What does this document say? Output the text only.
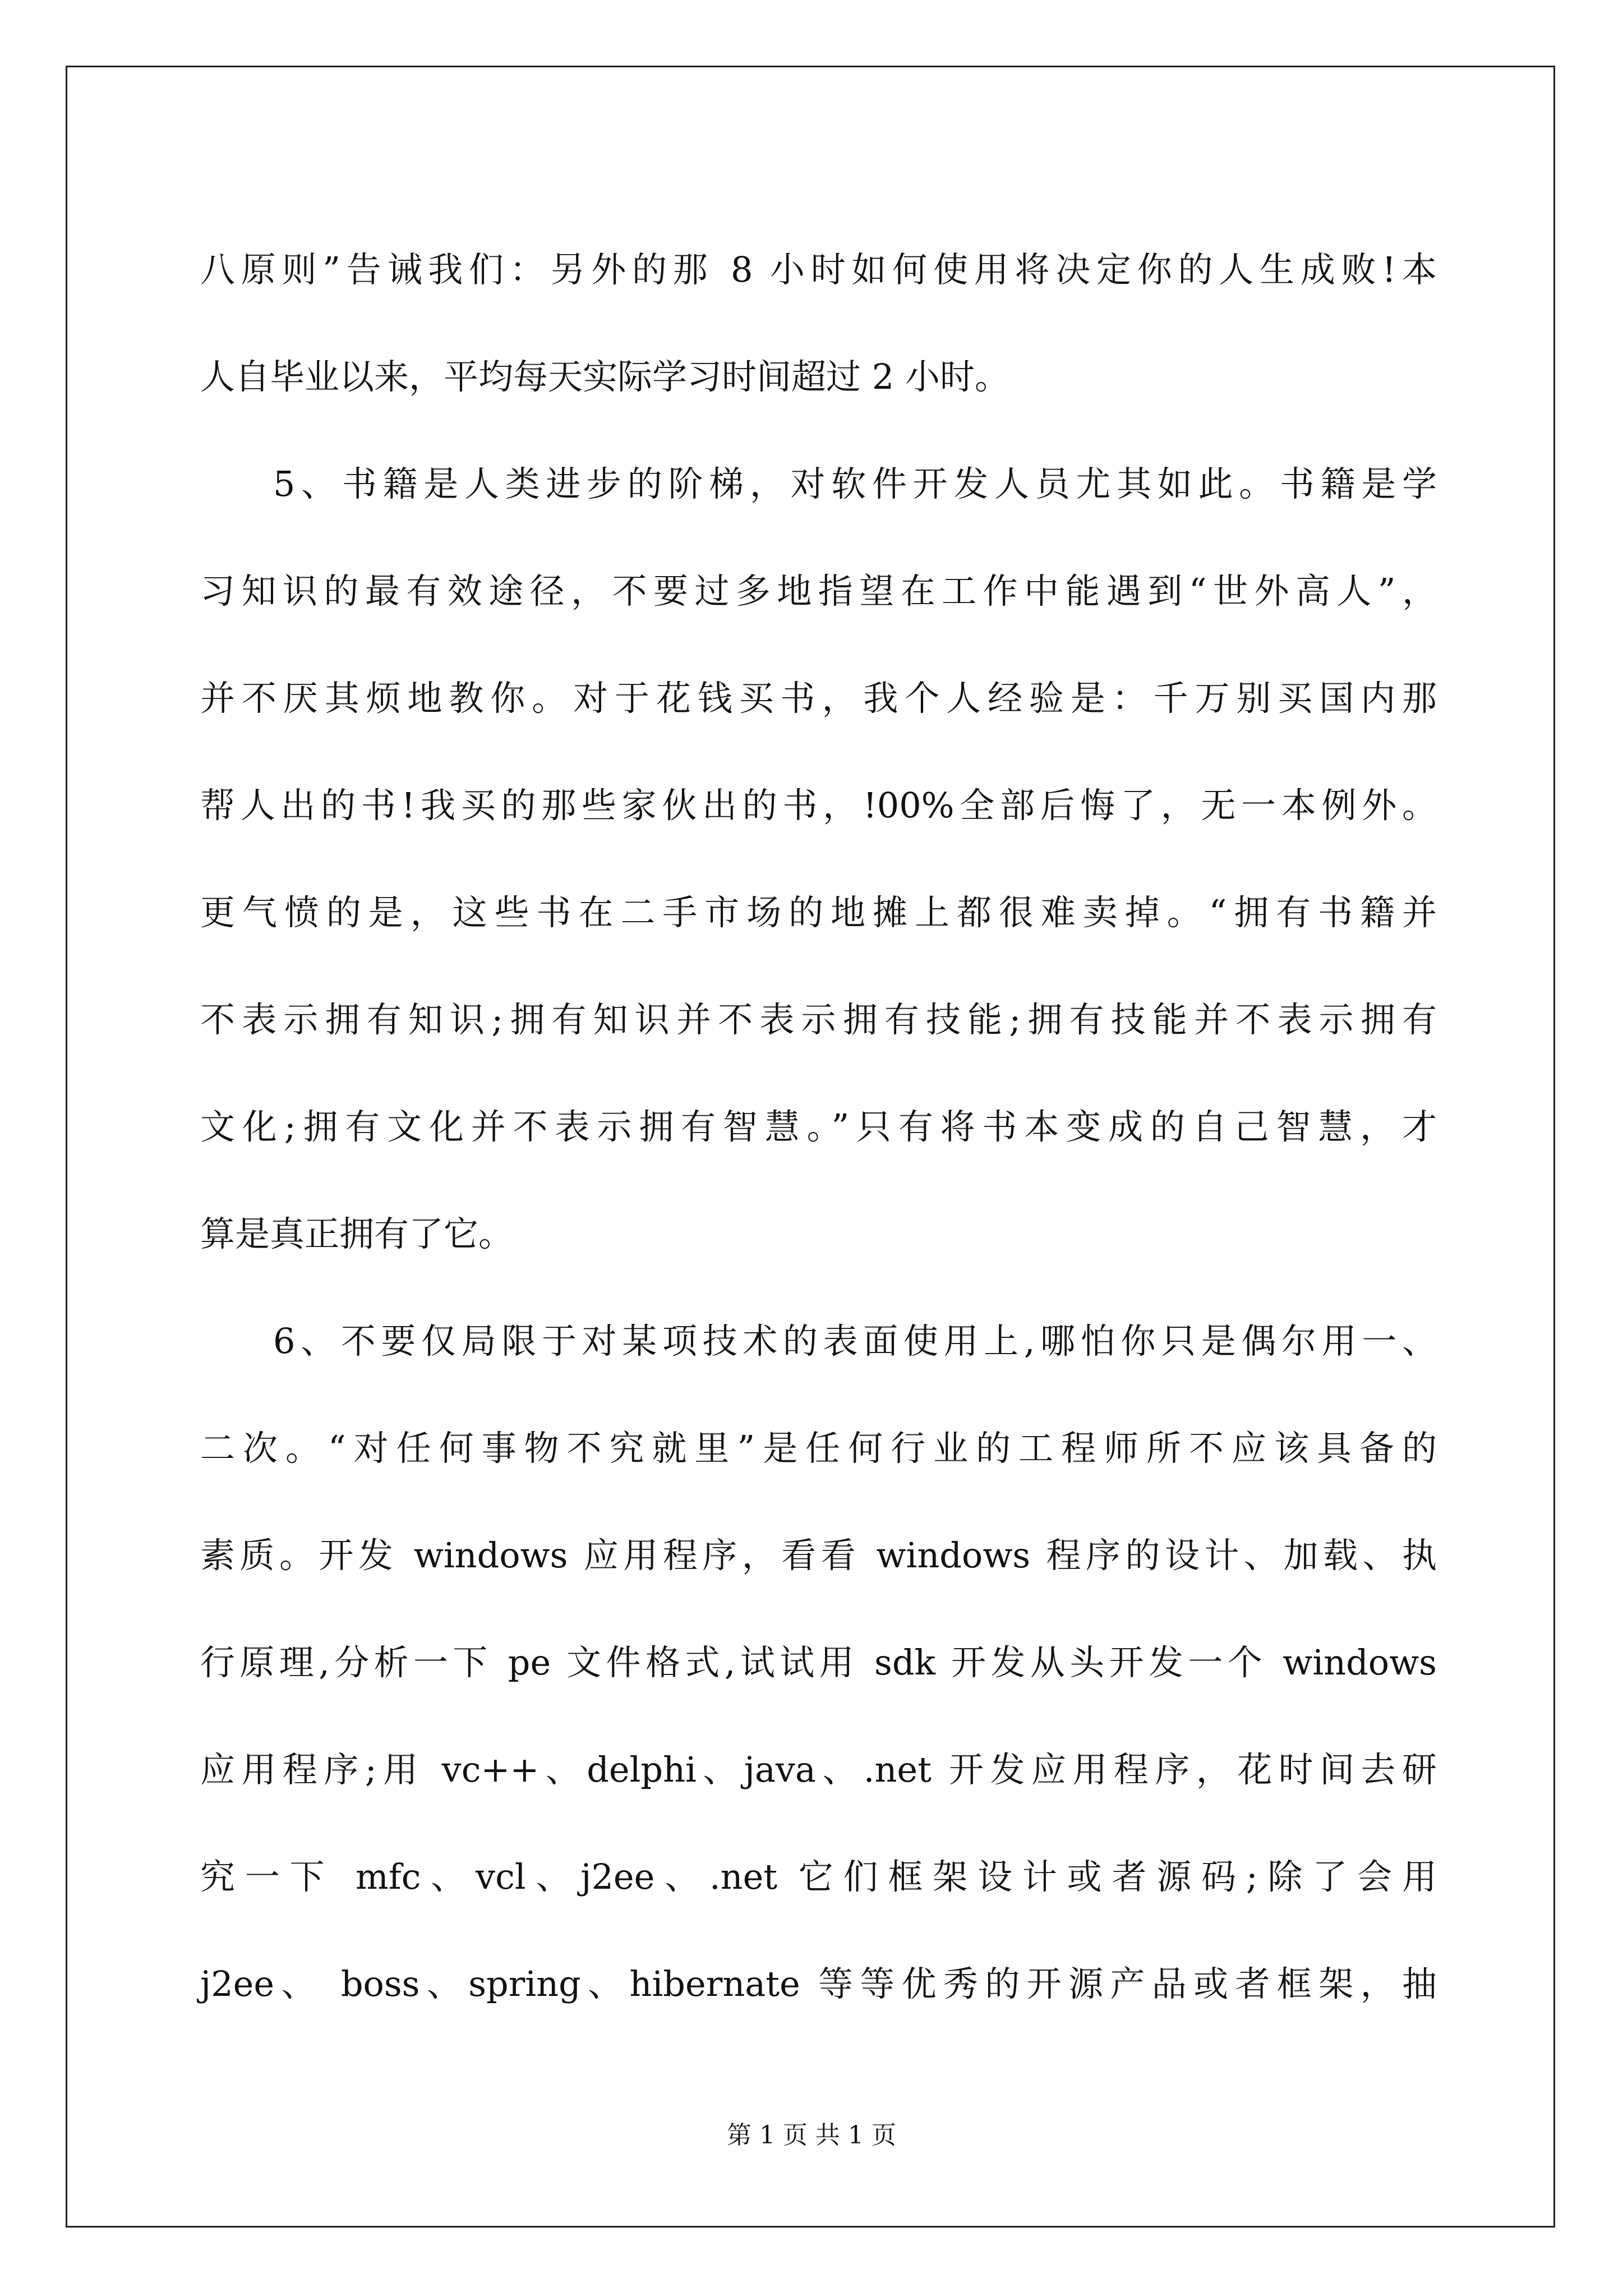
八原则”告诫我们：另外的那 8 小时如何使用将决定你的人生成败!本
人自毕业以来，平均每天实际学习时间超过 2 小时。
5、书籍是人类进步的阶梯，对软件开发人员尤其如此。书籍是学
习知识的最有效途径，不要过多地指望在工作中能遇到“世外高人”，
并不厌其烦地教你。对于花钱买书，我个人经验是：千万别买国内那
帮人出的书!我买的那些家伙出的书，!00%全部后悔了，无一本例外。
更气愤的是，这些书在二手市场的地摊上都很难卖掉。“拥有书籍并
不表示拥有知识;拥有知识并不表示拥有技能;拥有技能并不表示拥有
文化;拥有文化并不表示拥有智慧。”只有将书本变成的自己智慧，才
算是真正拥有了它。
6、不要仅局限于对某项技术的表面使用上,哪怕你只是偶尔用一、
二次。“对任何事物不究就里”是任何行业的工程师所不应该具备的
素质。开发 windows 应用程序，看看 windows 程序的设计、加载、执
行原理,分析一下 pe 文件格式,试试用 sdk 开发从头开发一个 windows
应用程序;用 vc++、delphi、java、.net 开发应用程序，花时间去研
究一下 mfc、vcl、j2ee、.net 它们框架设计或者源码;除了会用
j2ee、 boss、spring、hibernate 等等优秀的开源产品或者框架，抽
第 1 页 共 1 页
